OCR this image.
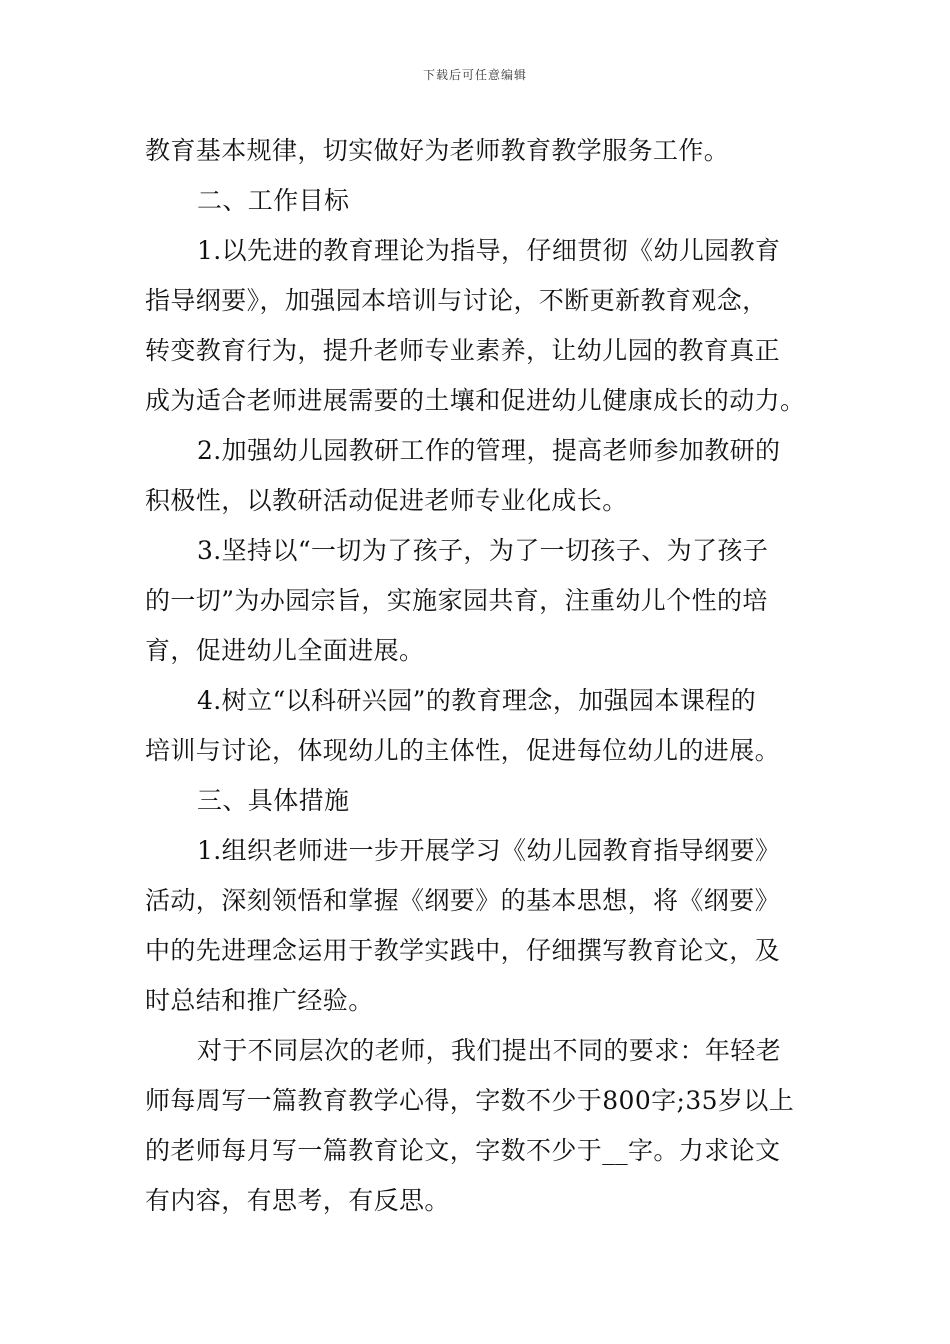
下载后可任意编辑
教育基本规律，切实做好为老师教育教学服务工作。
二、工作目标
1.以先进的教育理论为指导，仔细贯彻《幼儿园教育
指导纲要》，加强园本培训与讨论，不断更新教育观念，
转变教育行为，提升老师专业素养，让幼儿园的教育真正
成为适合老师进展需要的土壤和促进幼儿健康成长的动力。
2.加强幼儿园教研工作的管理，提高老师参加教研的
积极性，以教研活动促进老师专业化成长。
3.坚持以“一切为了孩子，为了一切孩子、为了孩子
的一切”为办园宗旨，实施家园共育，注重幼儿个性的培
育，促进幼儿全面进展。
4.树立“以科研兴园”的教育理念，加强园本课程的
培训与讨论，体现幼儿的主体性，促进每位幼儿的进展。
三、具体措施
1.组织老师进一步开展学习《幼儿园教育指导纲要》
活动，深刻领悟和掌握《纲要》的基本思想，将《纲要》
中的先进理念运用于教学实践中，仔细撰写教育论文，及
时总结和推广经验。
对于不同层次的老师，我们提出不同的要求：年轻老
师每周写一篇教育教学心得，字数不少于800字;35岁以上
的老师每月写一篇教育论文，字数不少于__字。力求论文
有内容，有思考，有反思。
